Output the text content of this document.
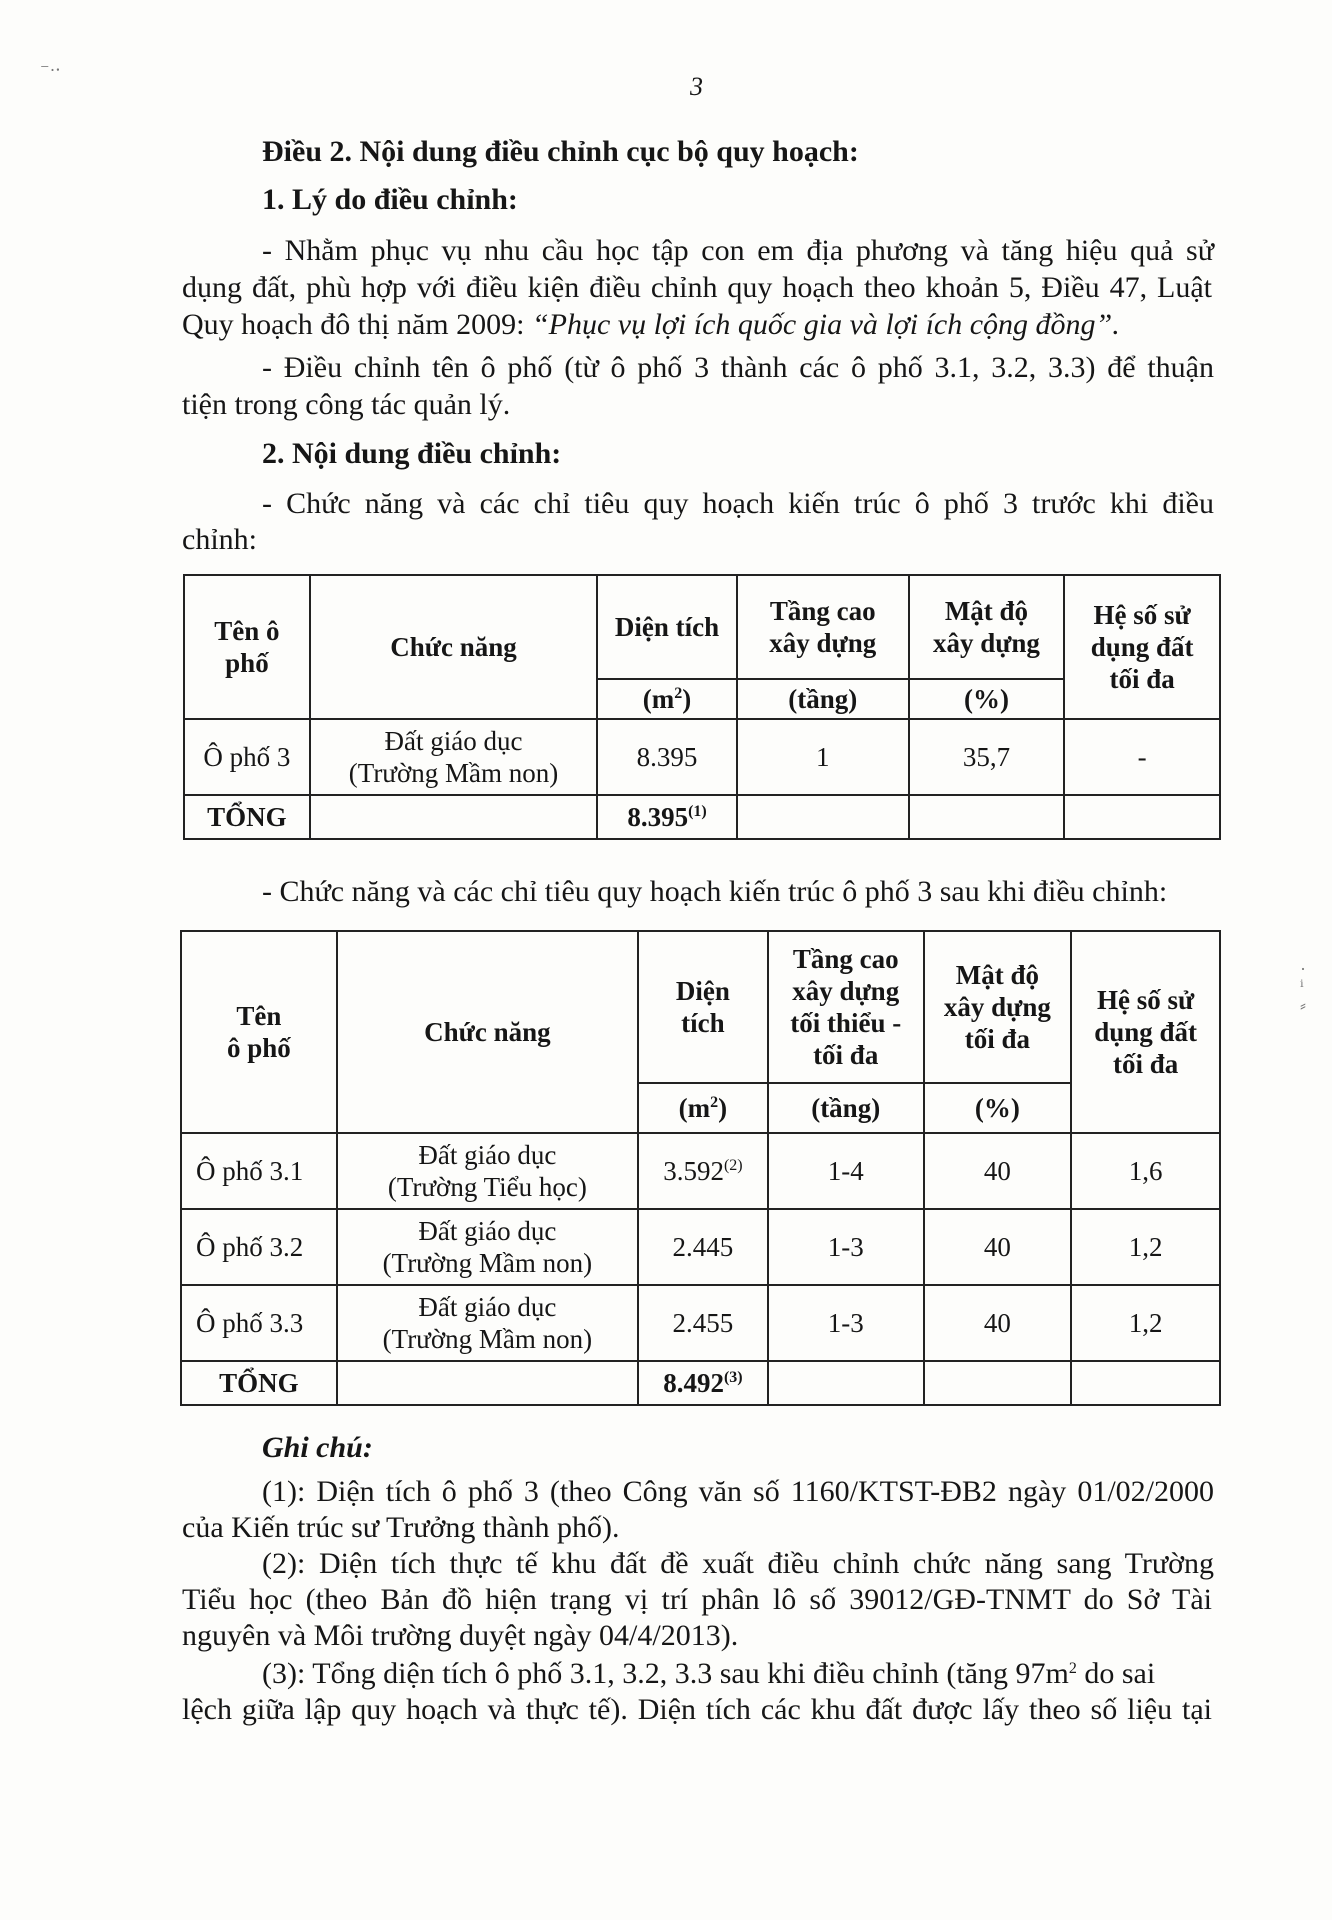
3
Điều 2. Nội dung điều chỉnh cục bộ quy hoạch:
1. Lý do điều chỉnh:
- Nhằm phục vụ nhu cầu học tập con em địa phương và tăng hiệu quả sử
dụng đất, phù hợp với điều kiện điều chỉnh quy hoạch theo khoản 5, Điều 47, Luật
Quy hoạch đô thị năm 2009: “Phục vụ lợi ích quốc gia và lợi ích cộng đồng”.
- Điều chỉnh tên ô phố (từ ô phố 3 thành các ô phố 3.1, 3.2, 3.3) để thuận
tiện trong công tác quản lý.
2. Nội dung điều chỉnh:
- Chức năng và các chỉ tiêu quy hoạch kiến trúc ô phố 3 trước khi điều
chỉnh:
Tên ô
phố	Chức năng	Diện tích	Tầng cao
xây dựng	Mật độ
xây dựng	Hệ số sử
dụng đất
tối đa
		$(m^2)$	(tầng)	(%)	
Ô phố 3	Đất giáo dục
(Trường Mầm non)	8.395	1	35,7	-
TỔNG		8.395$^{(1)}$			
- Chức năng và các chỉ tiêu quy hoạch kiến trúc ô phố 3 sau khi điều chỉnh:
Tên
ô phố	Chức năng	Diện
tích	Tầng cao
xây dựng
tối thiểu -
tối đa	Mật độ
xây dựng
tối đa	Hệ số sử
dụng đất
tối đa
		$(m^2)$	(tầng)	(%)	
Ô phố 3.1	Đất giáo dục
(Trường Tiểu học)	3.592$^{(2)}$	1-4	40	1,6
Ô phố 3.2	Đất giáo dục
(Trường Mầm non)	2.445	1-3	40	1,2
Ô phố 3.3	Đất giáo dục
(Trường Mầm non)	2.455	1-3	40	1,2
TỔNG		8.492$^{(3)}$			
Ghi chú:
(1): Diện tích ô phố 3 (theo Công văn số 1160/KTST-ĐB2 ngày 01/02/2000
của Kiến trúc sư Trưởng thành phố).
(2): Diện tích thực tế khu đất đề xuất điều chỉnh chức năng sang Trường
Tiểu học (theo Bản đồ hiện trạng vị trí phân lô số 39012/GĐ-TNMT do Sở Tài
nguyên và Môi trường duyệt ngày 04/4/2013).
(3): Tổng diện tích ô phố 3.1, 3.2, 3.3 sau khi điều chỉnh (tăng $97m^2$ do sai
lệch giữa lập quy hoạch và thực tế). Diện tích các khu đất được lấy theo số liệu tại
⁻·⸱
·
ⁱ
⸗
